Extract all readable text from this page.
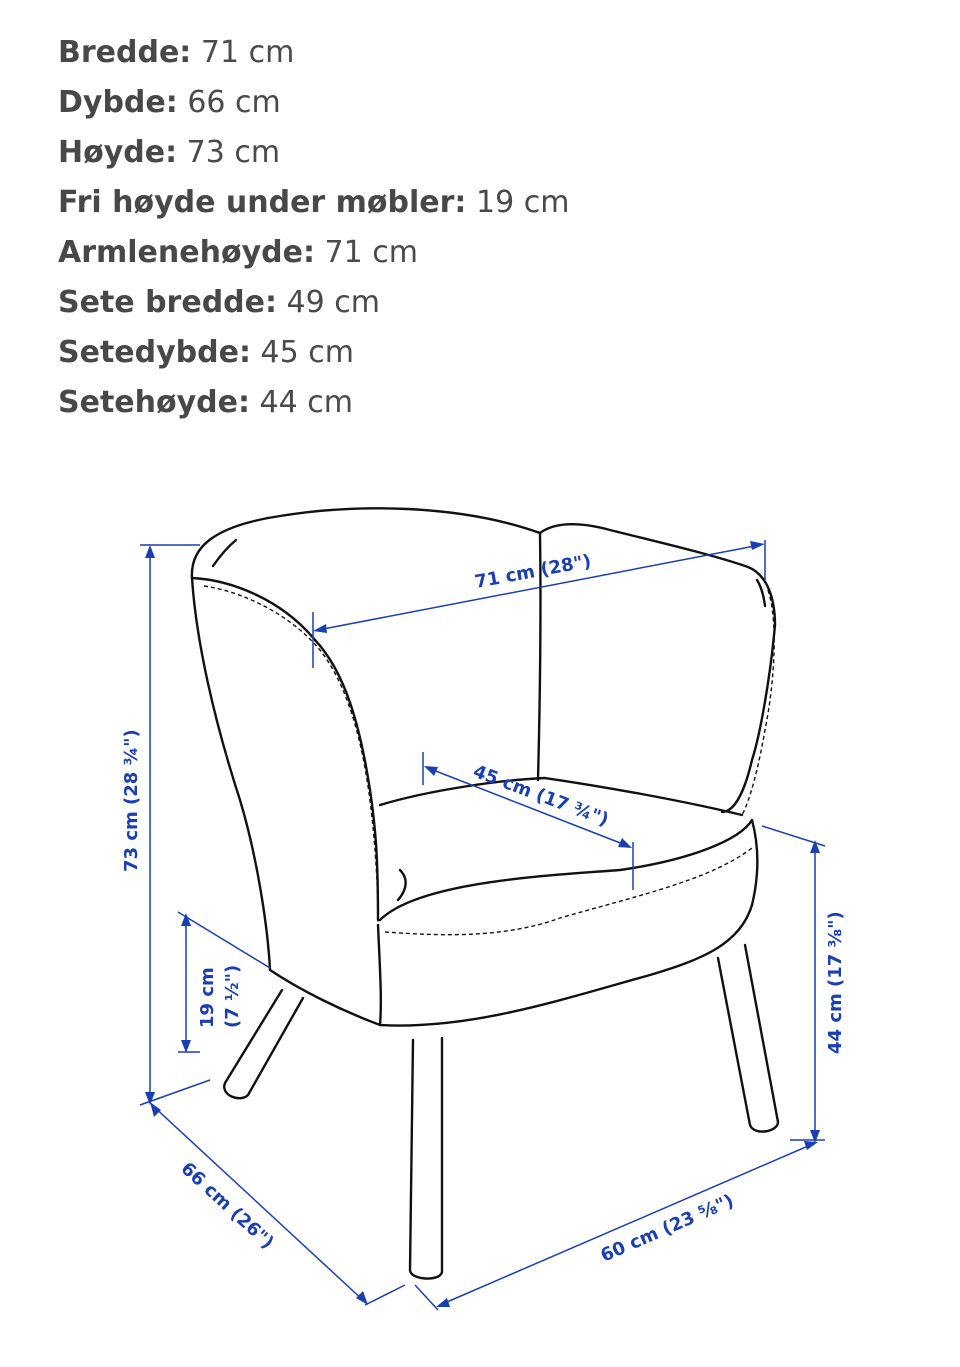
Bredde: 71 cm
Dybde: 66 cm
Høyde: 73 cm
Fri høyde under møbler: 19 cm
Armlenehøyde: 71 cm
Sete bredde: 49 cm
Setedybde: 45 cm
Setehøyde: 44 cm
71 cm (28")
45 cm (17 ¾")
73 cm (28 ¾")
19 cm (7 ½")	44 cm (17 ⅜")
66 cm (26")	60 cm (23 ⅝")
